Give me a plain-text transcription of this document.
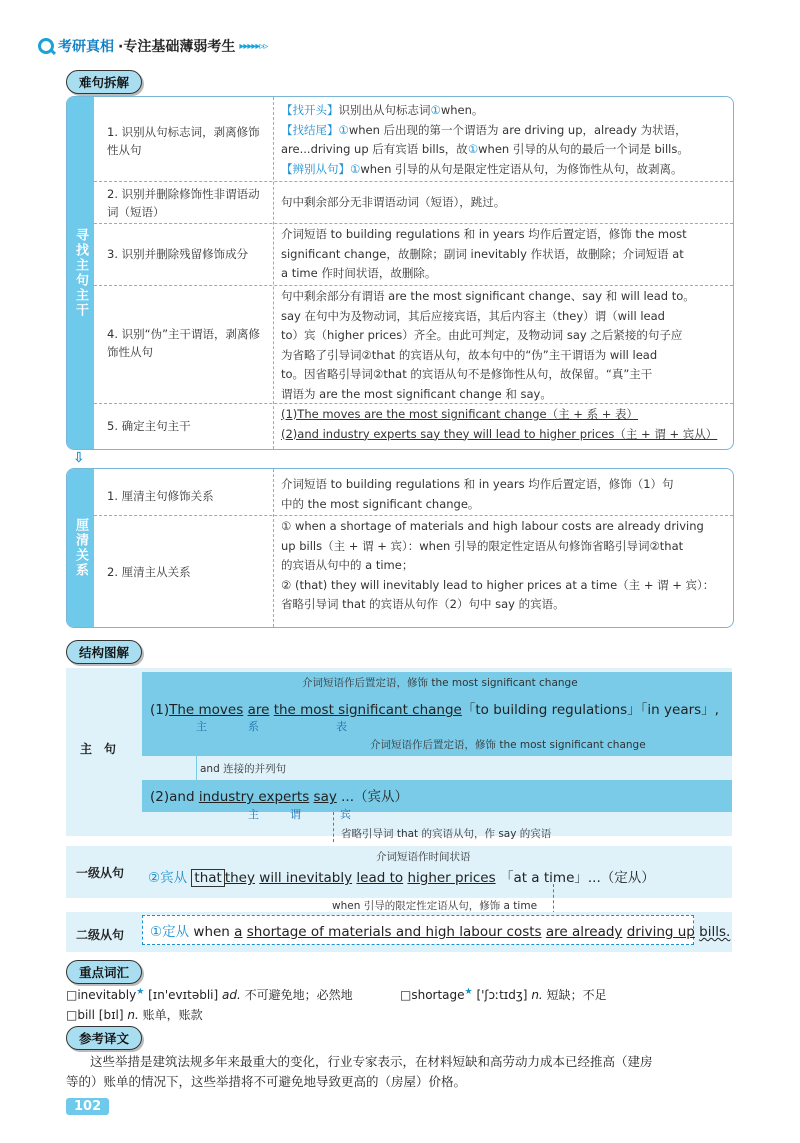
考研真相 ·专注基础薄弱考生 ▸▸▸▸▸▹▹
难句拆解
寻找主句主干
1. 识别从句标志词，剥离修饰性从句
【找开头】识别出从句标志词①when。
【找结尾】①when 后出现的第一个谓语为 are driving up，already 为状语，
are...driving up 后有宾语 bills，故①when 引导的从句的最后一个词是 bills。
【辨别从句】①when 引导的从句是限定性定语从句，为修饰性从句，故剥离。
2. 识别并删除修饰性非谓语动词（短语）
句中剩余部分无非谓语动词（短语），跳过。
3. 识别并删除残留修饰成分
介词短语 to building regulations 和 in years 均作后置定语，修饰 the most
significant change，故删除；副词 inevitably 作状语，故删除；介词短语 at
a time 作时间状语，故删除。
4. 识别“伪”主干谓语，剥离修饰性从句
句中剩余部分有谓语 are the most significant change、say 和 will lead to。
say 在句中为及物动词，其后应接宾语，其后内容主（they）谓（will lead
to）宾（higher prices）齐全。由此可判定，及物动词 say 之后紧接的句子应
为省略了引导词②that 的宾语从句，故本句中的“伪”主干谓语为 will lead
to。因省略引导词②that 的宾语从句不是修饰性从句，故保留。“真”主干
谓语为 are the most significant change 和 say。
5. 确定主句主干
(1)The moves are the most significant change（主 + 系 + 表）
(2)and industry experts say they will lead to higher prices（主 + 谓 + 宾从）
⇩
厘清关系
1. 厘清主句修饰关系
介词短语 to building regulations 和 in years 均作后置定语，修饰（1）句
中的 the most significant change。
2. 厘清主从关系
① when a shortage of materials and high labour costs are already driving
up bills（主 + 谓 + 宾）：when 引导的限定性定语从句修饰省略引导词②that
的宾语从句中的 a time；
② (that) they will inevitably lead to higher prices at a time（主 + 谓 + 宾）：
省略引导词 that 的宾语从句作（2）句中 say 的宾语。
结构图解
主　句
介词短语作后置定语，修饰 the most significant change
(1)The moves are the most significant change「to building regulations」「in years」,
主	系	表
介词短语作后置定语，修饰 the most significant change
and 连接的并列句
(2)and industry experts say ...（宾从）
主	谓	宾
省略引导词 that 的宾语从句，作 say 的宾语
一级从句
介词短语作时间状语
②宾从 that they will inevitably lead to higher prices 「at a time」...（定从）
when 引导的限定性定语从句，修饰 a time
二级从句 ①定从 when a shortage of materials and high labour costs are already driving up bills.
重点词汇
□inevitably★ [ɪn'evɪtəbli] ad. 不可避免地；必然地	□shortage★ ['ʃɔːtɪdʒ] n. 短缺；不足
□bill [bɪl] n. 账单，账款
参考译文
这些举措是建筑法规多年来最重大的变化，行业专家表示，在材料短缺和高劳动力成本已经推高（建房
等的）账单的情况下，这些举措将不可避免地导致更高的（房屋）价格。
102
